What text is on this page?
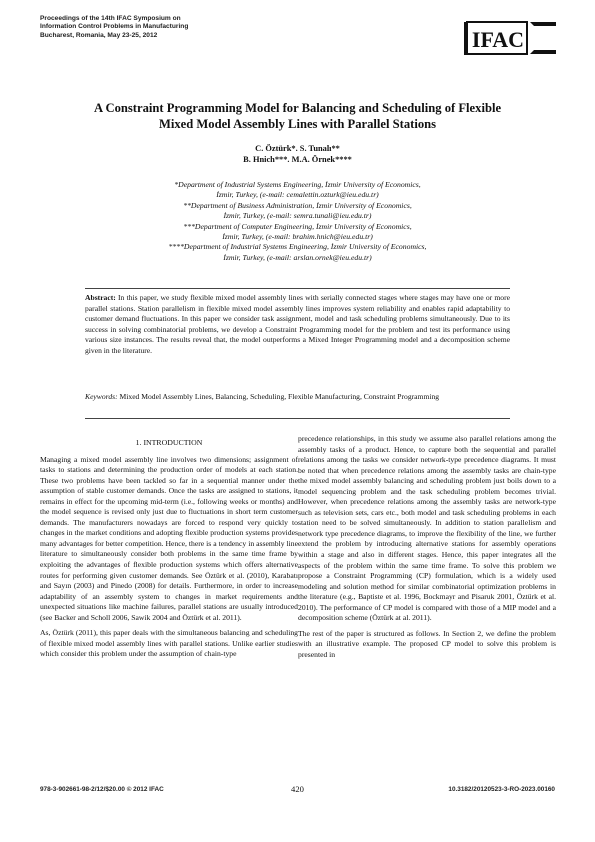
Proceedings of the 14th IFAC Symposium on
Information Control Problems in Manufacturing
Bucharest, Romania, May 23-25, 2012	IFAC
A Constraint Programming Model for Balancing and Scheduling of Flexible
Mixed Model Assembly Lines with Parallel Stations
C. Öztürk*. S. Tunalı**
B. Hnich***. M.A. Örnek****
*Department of Industrial Systems Engineering, İzmir University of Economics,
İzmir, Turkey, (e-mail: cemalettin.ozturk@ieu.edu.tr)
**Department of Business Administration, İzmir University of Economics,
İzmir, Turkey, (e-mail: semra.tunali@ieu.edu.tr)
***Department of Computer Engineering, İzmir University of Economics,
İzmir, Turkey, (e-mail: brahim.hnich@ieu.edu.tr)
****Department of Industrial Systems Engineering, İzmir University of Economics,
İzmir, Turkey, (e-mail: arslan.ornek@ieu.edu.tr)
Abstract: In this paper, we study flexible mixed model assembly lines with serially connected stages where stages may have one or more parallel stations. Station parallelism in flexible mixed model assembly lines improves system reliability and enables rapid adaptability to customer demand fluctuations. In this paper we consider task assignment, model and task scheduling problems simultaneously. Due to its success in solving combinatorial problems, we develop a Constraint Programming model for the problem and test its performance using various size instances. The results reveal that, the model outperforms a Mixed Integer Programming model and a decomposition scheme given in the literature.
Keywords: Mixed Model Assembly Lines, Balancing, Scheduling, Flexible Manufacturing, Constraint Programming
1. INTRODUCTION

Managing a mixed model assembly line involves two dimensions; assignment of tasks to stations and determining the production order of models at each station. These two problems have been tackled so far in a sequential manner under the assumption of stable customer demands. Once the tasks are assigned to stations, it remains in effect for the upcoming mid-term (i.e., following weeks or months) and the model sequence is revised only just due to fluctuations in short term customer demands. The manufacturers nowadays are forced to respond very quickly to changes in the market conditions and adopting flexible production systems provides many advantages for better competition. Hence, there is a tendency in assembly line literature to simultaneously consider both problems in the same time frame by exploiting the advantages of flexible production systems which offers alternative routes for performing given customer demands. See Öztürk et al. (2010), Karabatı and Sayın (2003) and Pinedo (2008) for details. Furthermore, in order to increase adaptability of an assembly system to changes in market requirements and unexpected situations like machine failures, parallel stations are usually introduced (see Backer and Scholl 2006, Sawik 2004 and Öztürk et al. 2011).

As, Öztürk (2011), this paper deals with the simultaneous balancing and scheduling of flexible mixed model assembly lines with parallel stations. Unlike earlier studies which consider this problem under the assumption of chain-type

precedence relationships, in this study we assume also parallel relations among the assembly tasks of a product. Hence, to capture both the sequential and parallel relations among the tasks we consider network-type precedence diagrams. It must be noted that when precedence relations among the assembly tasks are chain-type the mixed model assembly balancing and scheduling problem just boils down to a model sequencing problem and the task scheduling problem becomes trivial. However, when precedence relations among the assembly tasks are network-type such as television sets, cars etc., both model and task scheduling problems in each station need to be solved simultaneously. In addition to station parallelism and network type precedence diagrams, to improve the flexibility of the line, we further extend the problem by introducing alternative stations for assembly operations within a stage and also in different stages. Hence, this paper integrates all the aspects of the problem within the same time frame. To solve this problem we propose a Constraint Programming (CP) formulation, which is a widely used modeling and solution method for similar combinatorial optimization problems in the literature (e.g., Baptiste et al. 1996, Bockmayr and Pisaruk 2001, Öztürk et al. 2010). The performance of CP model is compared with those of a MIP model and a decomposition scheme (Öztürk at al. 2011).

The rest of the paper is structured as follows. In Section 2, we define the problem with an illustrative example. The proposed CP model to solve this problem is presented in

978-3-902661-98-2/12/$20.00 © 2012 IFAC	420	10.3182/20120523-3-RO-2023.00160
